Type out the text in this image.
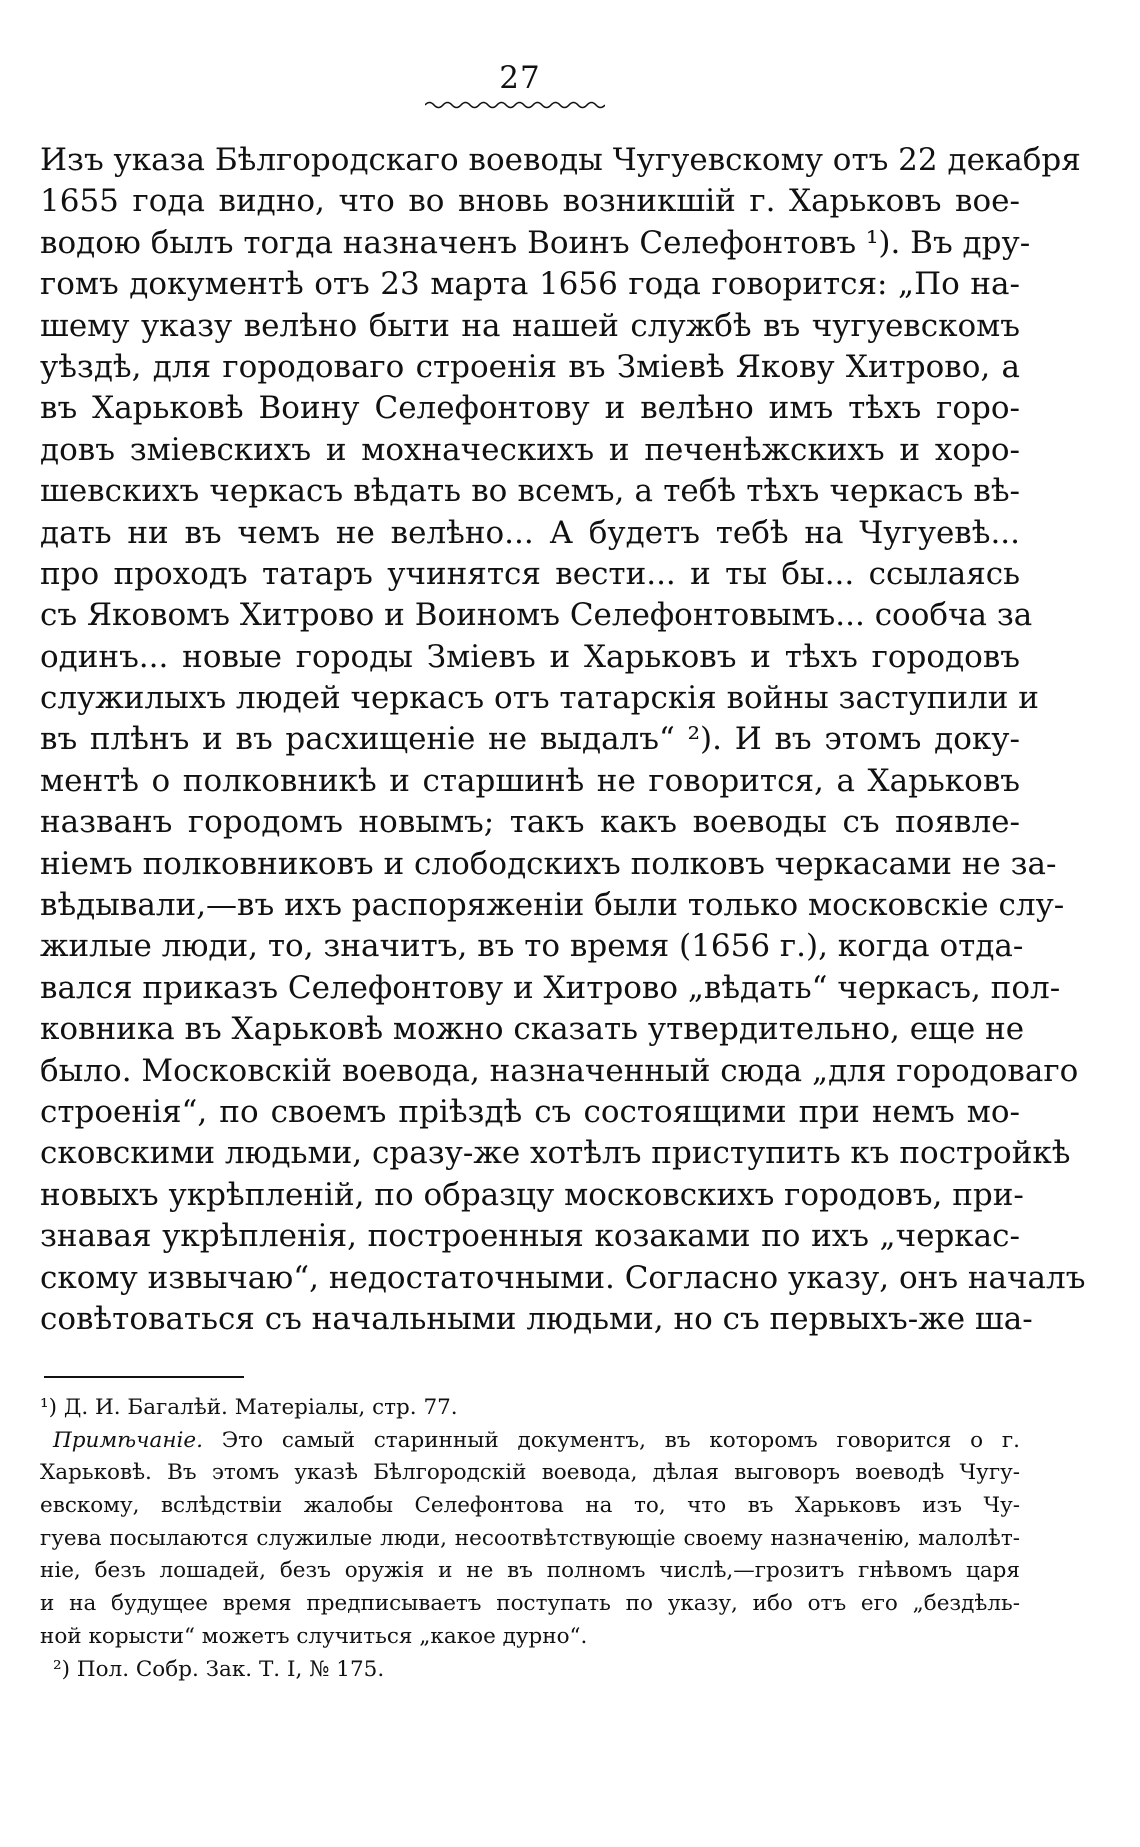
27
Изъ указа Бѣлгородскаго воеводы Чугуевскому отъ 22 декабря
1655 года видно, что во вновь возникшій г. Харьковъ вое-
водою былъ тогда назначенъ Воинъ Селефонтовъ ¹). Въ дру-
гомъ документѣ отъ 23 марта 1656 года говорится: „По на-
шему указу велѣно быти на нашей службѣ въ чугуевскомъ
уѣздѣ, для городоваго строенія въ Зміевѣ Якову Хитрово, а
въ Харьковѣ Воину Селефонтову и велѣно имъ тѣхъ горо-
довъ зміевскихъ и мохначескихъ и печенѣжскихъ и хоро-
шевскихъ черкасъ вѣдать во всемъ, а тебѣ тѣхъ черкасъ вѣ-
дать ни въ чемъ не велѣно... А будетъ тебѣ на Чугуевѣ...
про проходъ татаръ учинятся вести... и ты бы... ссылаясь
съ Яковомъ Хитрово и Воиномъ Селефонтовымъ... сообча за
одинъ... новые городы Зміевъ и Харьковъ и тѣхъ городовъ
служилыхъ людей черкасъ отъ татарскія войны заступили и
въ плѣнъ и въ расхищеніе не выдалъ“ ²). И въ этомъ доку-
ментѣ о полковникѣ и старшинѣ не говорится, а Харьковъ
названъ городомъ новымъ; такъ какъ воеводы съ появле-
ніемъ полковниковъ и слободскихъ полковъ черкасами не за-
вѣдывали,—въ ихъ распоряженіи были только московскіе слу-
жилые люди, то, значитъ, въ то время (1656 г.), когда отда-
вался приказъ Селефонтову и Хитрово „вѣдать“ черкасъ, пол-
ковника въ Харьковѣ можно сказать утвердительно, еще не
было. Московскій воевода, назначенный сюда „для городоваго
строенія“, по своемъ пріѣздѣ съ состоящими при немъ мо-
сковскими людьми, сразу-же хотѣлъ приступить къ постройкѣ
новыхъ укрѣпленій, по образцу московскихъ городовъ, при-
знавая укрѣпленія, построенныя козаками по ихъ „черкас-
скому извычаю“, недостаточными. Согласно указу, онъ началъ
совѣтоваться съ начальными людьми, но съ первыхъ-же ша-
¹) Д. И. Багалѣй. Матеріалы, стр. 77.
Примѣчаніе. Это самый старинный документъ, въ которомъ говорится о г.
Харьковѣ. Въ этомъ указѣ Бѣлгородскій воевода, дѣлая выговоръ воеводѣ Чугу-
евскому, вслѣдствіи жалобы Селефонтова на то, что въ Харьковъ изъ Чу-
гуева посылаются служилые люди, несоотвѣтствующіе своему назначенію, малолѣт-
ніе, безъ лошадей, безъ оружія и не въ полномъ числѣ,—грозитъ гнѣвомъ царя
и на будущее время предписываетъ поступать по указу, ибо отъ его „бездѣль-
ной корысти“ можетъ случиться „какое дурно“.
²) Пол. Собр. Зак. Т. I, № 175.
